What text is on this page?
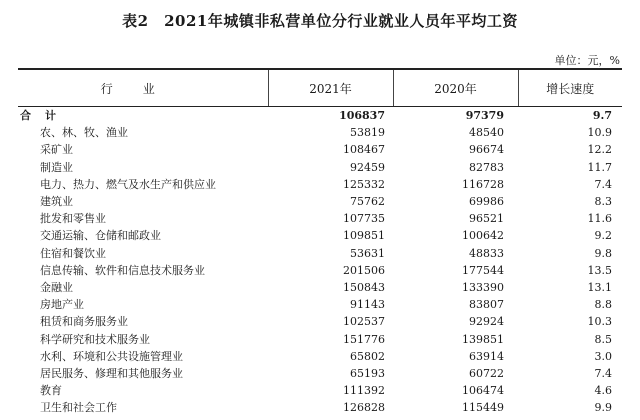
表2　2021年城镇非私营单位分行业就业人员年平均工资
单位：元，%
行业	2021年	2020年	增长速度
合计	106837	97379	9.7
农、林、牧、渔业	53819	48540	10.9
采矿业	108467	96674	12.2
制造业	92459	82783	11.7
电力、热力、燃气及水生产和供应业	125332	116728	7.4
建筑业	75762	69986	8.3
批发和零售业	107735	96521	11.6
交通运输、仓储和邮政业	109851	100642	9.2
住宿和餐饮业	53631	48833	9.8
信息传输、软件和信息技术服务业	201506	177544	13.5
金融业	150843	133390	13.1
房地产业	91143	83807	8.8
租赁和商务服务业	102537	92924	10.3
科学研究和技术服务业	151776	139851	8.5
水利、环境和公共设施管理业	65802	63914	3.0
居民服务、修理和其他服务业	65193	60722	7.4
教育	111392	106474	4.6
卫生和社会工作	126828	115449	9.9
